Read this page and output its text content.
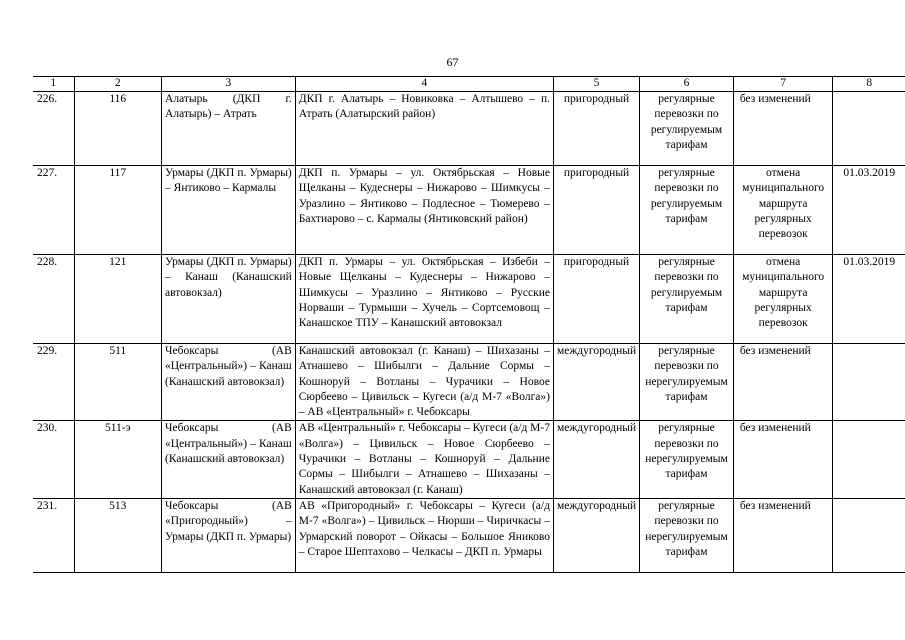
67
1	2	3	4	5	6	7	8
226.	116	Алатырь (ДКП г. Алатырь) – Атрать	ДКП г. Алатырь – Новиковка – Алтышево – п. Атрать (Алатырский район)	пригородный	регулярные перевозки по регулируемым тарифам	без изменений	
227.	117	Урмары (ДКП п. Урмары) – Янтиково – Кармалы	ДКП п. Урмары – ул. Октябрьская – Новые Щелканы – Кудеснеры – Нижарово – Шимкусы – Уразлино – Янтиково – Подлесное – Тюмерево – Бахтиарово – с. Кармалы (Янтиковский район)	пригородный	регулярные перевозки по регулируемым тарифам	отмена муниципального маршрута регулярных перевозок	01.03.2019
228.	121	Урмары (ДКП п. Урмары) – Канаш (Канашский автовокзал)	ДКП п. Урмары – ул. Октябрьская – Избеби – Новые Щелканы – Кудеснеры – Нижарово – Шимкусы – Уразлино – Янтиково – Русские Норваши – Турмыши – Хучель – Сортсемовощ – Канашское ТПУ – Канашский автовокзал	пригородный	регулярные перевозки по регулируемым тарифам	отмена муниципального маршрута регулярных перевозок	01.03.2019
229.	511	Чебоксары (АВ «Центральный») – Канаш (Канашский автовокзал)	Канашский автовокзал (г. Канаш) – Шихазаны – Атнашево – Шибылги – Дальние Сормы – Кошноруй – Вотланы – Чурачики – Новое Сюрбеево – Цивильск – Кугеси (а/д М-7 «Волга») – АВ «Центральный» г. Чебоксары	междугородный	регулярные перевозки по нерегулируемым тарифам	без изменений	
230.	511-э	Чебоксары (АВ «Центральный») – Канаш (Канашский автовокзал)	АВ «Центральный» г. Чебоксары – Кугеси (а/д М-7 «Волга») – Цивильск – Новое Сюрбеево – Чурачики – Вотланы – Кошноруй – Дальние Сормы – Шибылги – Атнашево – Шихазаны – Канашский автовокзал (г. Канаш)	междугородный	регулярные перевозки по нерегулируемым тарифам	без изменений	
231.	513	Чебоксары (АВ «Пригородный») – Урмары (ДКП п. Урмары)	АВ «Пригородный» г. Чебоксары – Кугеси (а/д М-7 «Волга») – Цивильск – Нюрши – Чиричкасы – Урмарский поворот – Ойкасы – Большое Яниково – Старое Шептахово – Челкасы – ДКП п. Урмары	междугородный	регулярные перевозки по нерегулируемым тарифам	без изменений	
